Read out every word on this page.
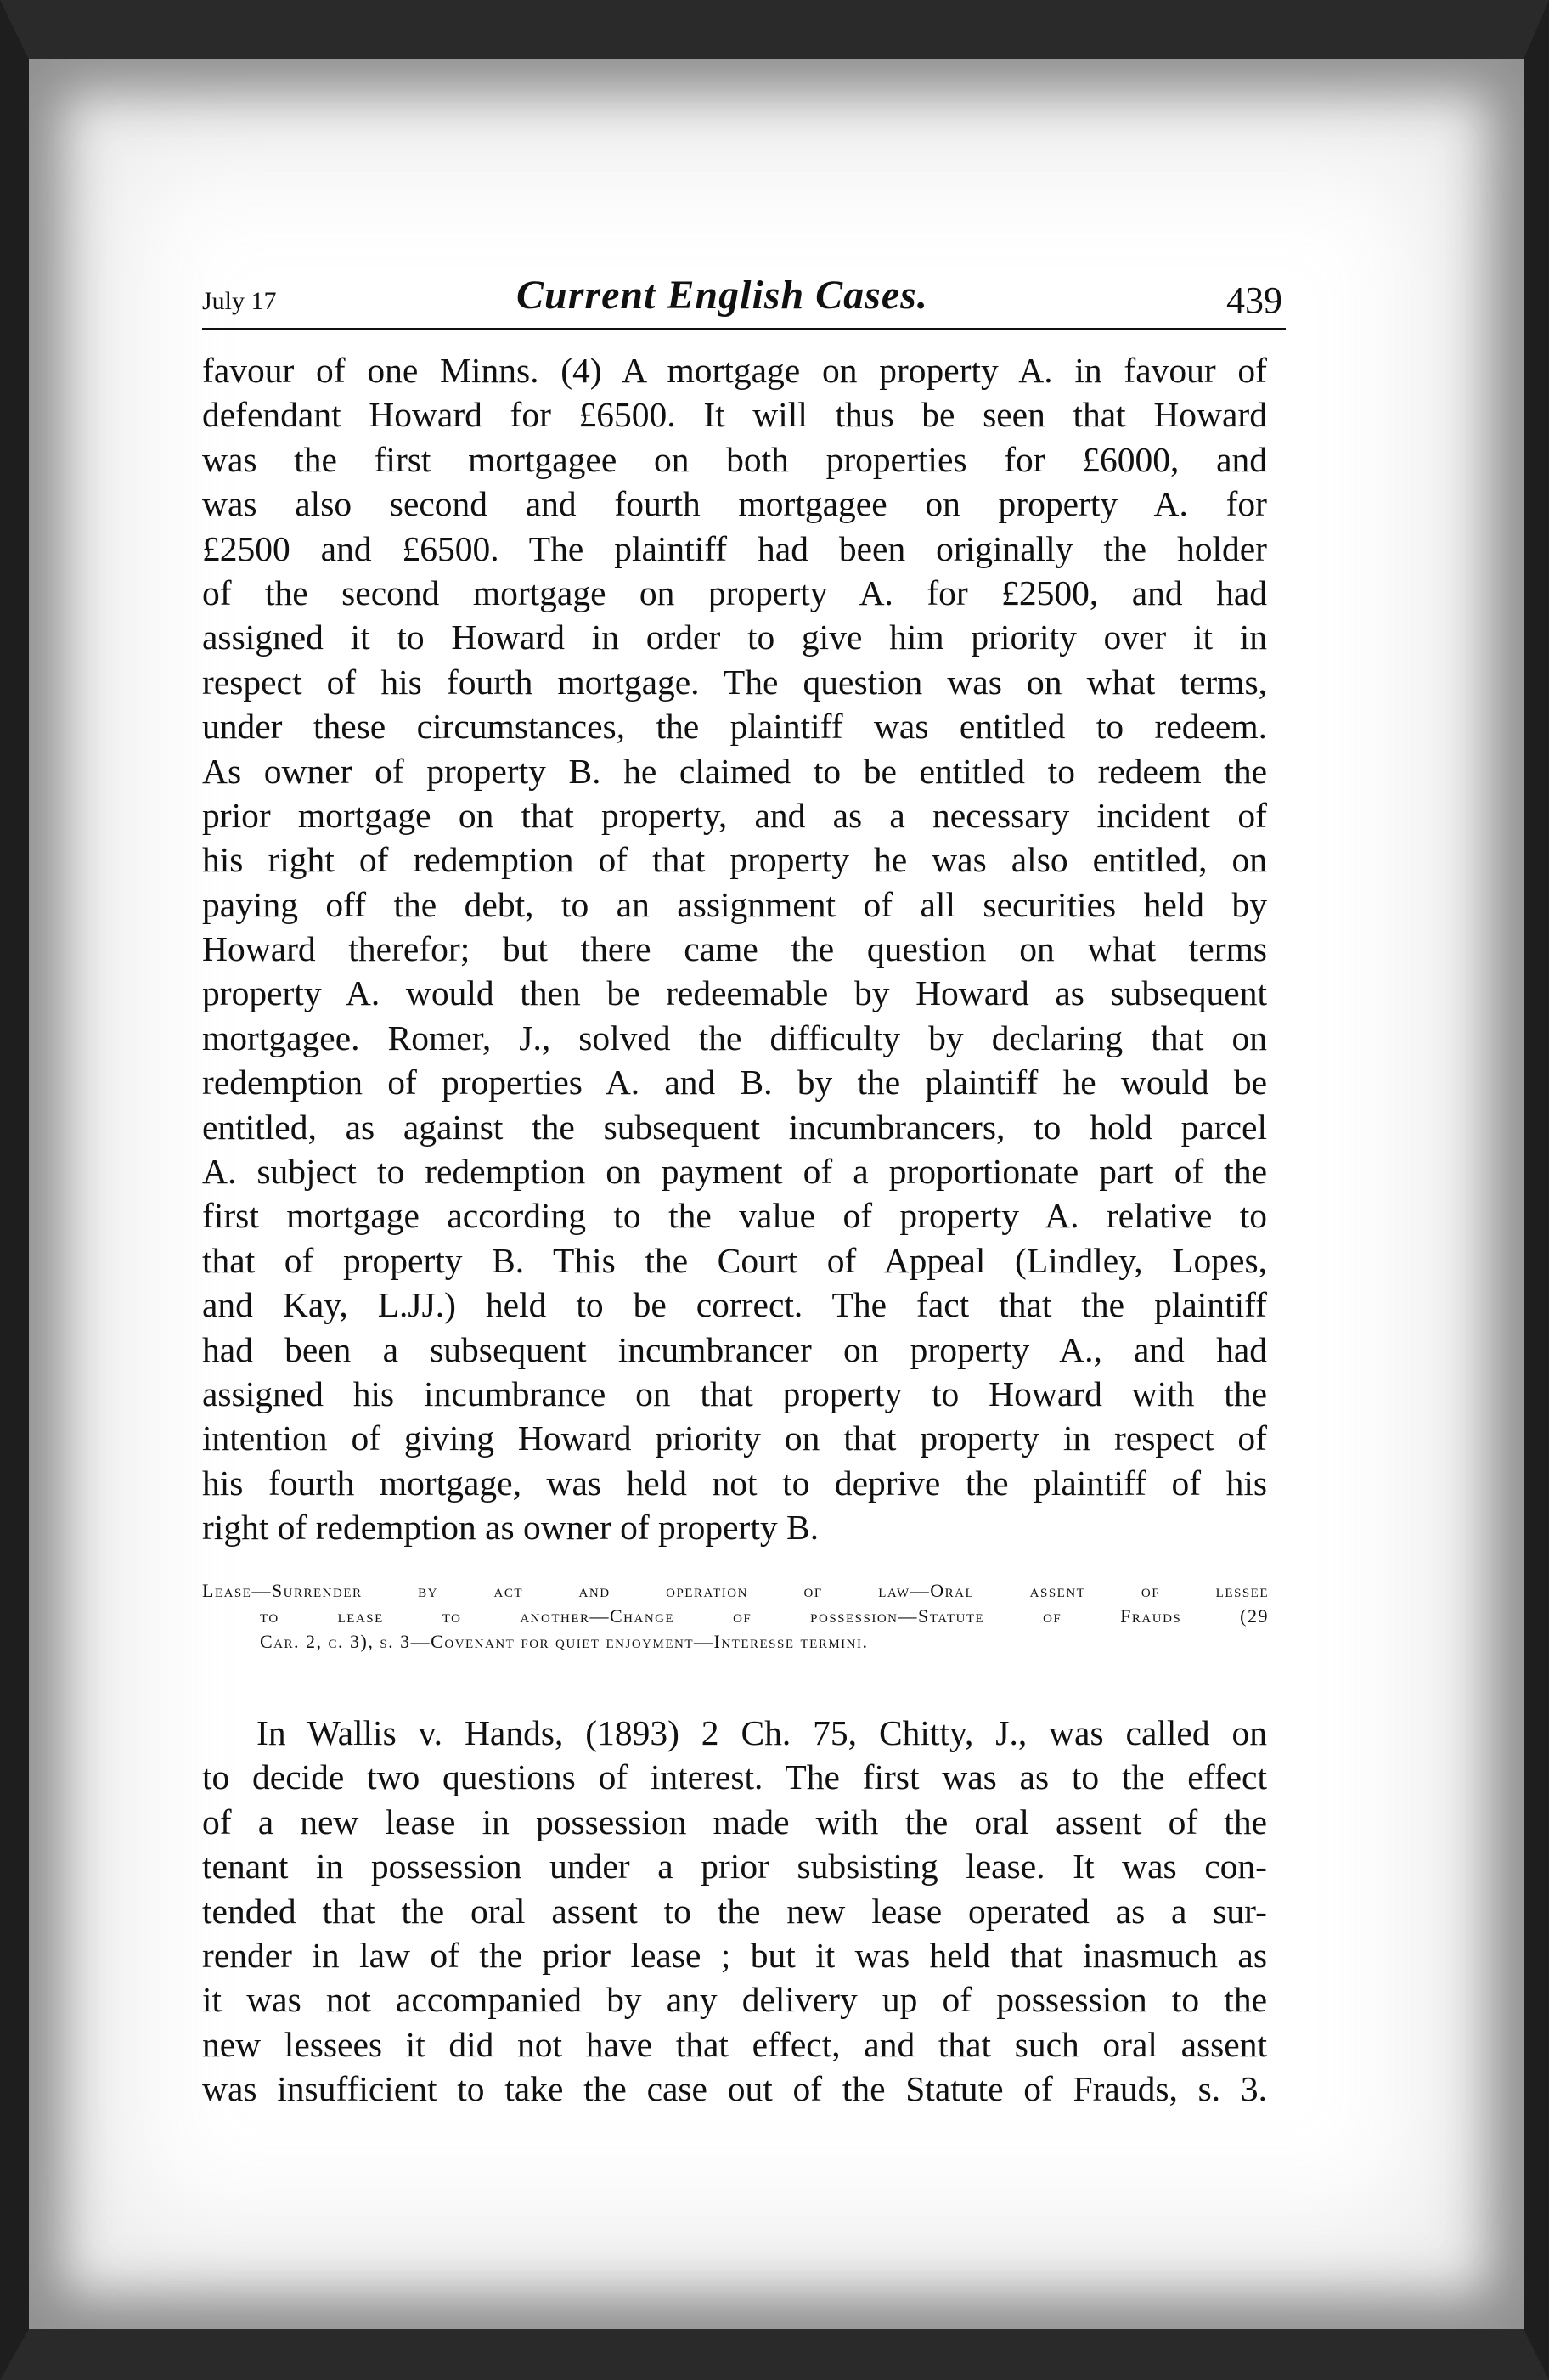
July 17	Current English Cases.	439
favour of one Minns. (4) A mortgage on property A. in favour of
defendant Howard for £6500. It will thus be seen that Howard
was the first mortgagee on both properties for £6000, and
was also second and fourth mortgagee on property A. for
£2500 and £6500. The plaintiff had been originally the holder
of the second mortgage on property A. for £2500, and had
assigned it to Howard in order to give him priority over it in
respect of his fourth mortgage. The question was on what terms,
under these circumstances, the plaintiff was entitled to redeem.
As owner of property B. he claimed to be entitled to redeem the
prior mortgage on that property, and as a necessary incident of
his right of redemption of that property he was also entitled, on
paying off the debt, to an assignment of all securities held by
Howard therefor; but there came the question on what terms
property A. would then be redeemable by Howard as subsequent
mortgagee. Romer, J., solved the difficulty by declaring that on
redemption of properties A. and B. by the plaintiff he would be
entitled, as against the subsequent incumbrancers, to hold parcel
A. subject to redemption on payment of a proportionate part of the
first mortgage according to the value of property A. relative to
that of property B. This the Court of Appeal (Lindley, Lopes,
and Kay, L.JJ.) held to be correct. The fact that the plaintiff
had been a subsequent incumbrancer on property A., and had
assigned his incumbrance on that property to Howard with the
intention of giving Howard priority on that property in respect of
his fourth mortgage, was held not to deprive the plaintiff of his
right of redemption as owner of property B.
Lease—Surrender by act and operation of law—Oral assent of lessee
to lease to another—Change of possession—Statute of Frauds (29
Car. 2, c. 3), s. 3—Covenant for quiet enjoyment—Interesse termini.
In Wallis v. Hands, (1893) 2 Ch. 75, Chitty, J., was called on
to decide two questions of interest. The first was as to the effect
of a new lease in possession made with the oral assent of the
tenant in possession under a prior subsisting lease. It was con-
tended that the oral assent to the new lease operated as a sur-
render in law of the prior lease ; but it was held that inasmuch as
it was not accompanied by any delivery up of possession to the
new lessees it did not have that effect, and that such oral assent
was insufficient to take the case out of the Statute of Frauds, s. 3.
